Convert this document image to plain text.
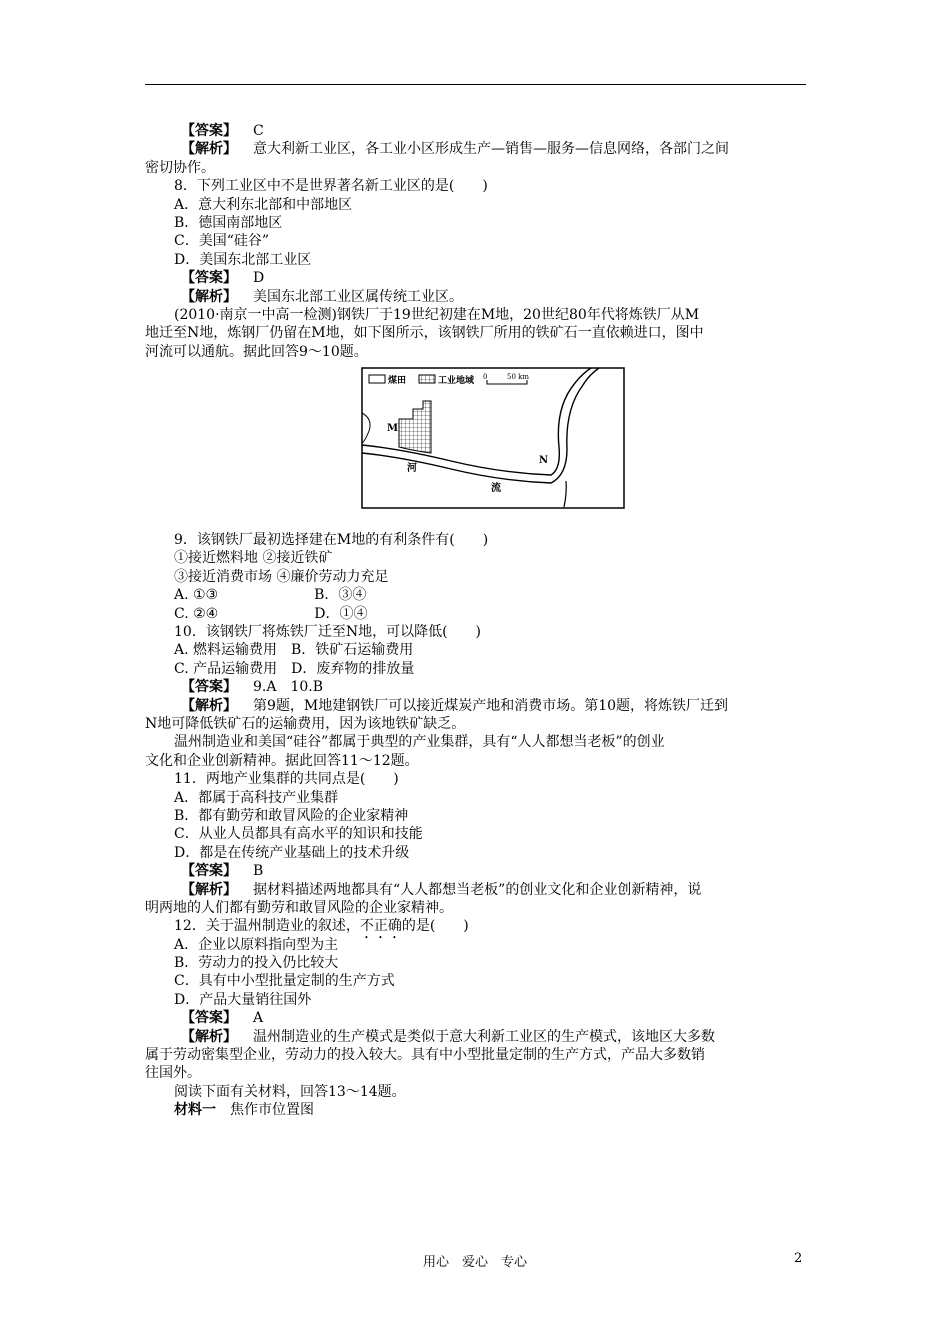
【答案】 C
【解析】 意大利新工业区，各工业小区形成生产—销售—服务—信息网络，各部门之间
密切协作。
8．下列工业区中不是世界著名新工业区的是(　　)
A．意大利东北部和中部地区
B．德国南部地区
C．美国“硅谷”
D．美国东北部工业区
【答案】 D
【解析】 美国东北部工业区属传统工业区。
(2010·南京一中高一检测)钢铁厂于19世纪初建在M地，20世纪80年代将炼铁厂从M
地迁至N地，炼钢厂仍留在M地，如下图所示，该钢铁厂所用的铁矿石一直依赖进口，图中
河流可以通航。据此回答9～10题。
煤田	工业地域 0	50 km
M
N
河
流
9．该钢铁厂最初选择建在M地的有利条件有(　　)
①接近燃料地 ②接近铁矿
③接近消费市场 ④廉价劳动力充足
A. ①③	B．③④
C. ②④	D．①④
10．该钢铁厂将炼铁厂迁至N地，可以降低(　　)
A. 燃料运输费用　B．铁矿石运输费用
C. 产品运输费用　D．废弃物的排放量
【答案】 9.A　10.B
【解析】 第9题，M地建钢铁厂可以接近煤炭产地和消费市场。第10题，将炼铁厂迁到
N地可降低铁矿石的运输费用，因为该地铁矿缺乏。
温州制造业和美国“硅谷”都属于典型的产业集群，具有“人人都想当老板”的创业
文化和企业创新精神。据此回答11～12题。
11．两地产业集群的共同点是(　　)
A．都属于高科技产业集群
B．都有勤劳和敢冒风险的企业家精神
C．从业人员都具有高水平的知识和技能
D．都是在传统产业基础上的技术升级
【答案】 B
【解析】 据材料描述两地都具有“人人都想当老板”的创业文化和企业创新精神，说
明两地的人们都有勤劳和敢冒风险的企业家精神。
12．关于温州制造业的叙述，不正确的是(　　)
A．企业以原料指向型为主
B．劳动力的投入仍比较大
C．具有中小型批量定制的生产方式
D．产品大量销往国外
【答案】 A
【解析】 温州制造业的生产模式是类似于意大利新工业区的生产模式，该地区大多数
属于劳动密集型企业，劳动力的投入较大。具有中小型批量定制的生产方式，产品大多数销
往国外。
阅读下面有关材料，回答13～14题。
材料一　 焦作市位置图
用心　爱心　专心	2
